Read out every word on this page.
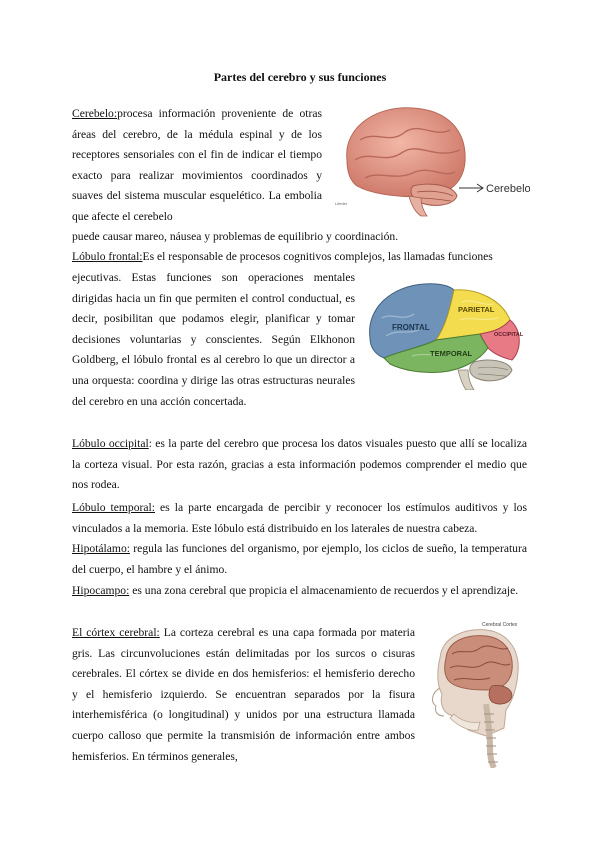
Partes del cerebro y sus funciones
Cerebelo:procesa información proveniente de otras áreas del cerebro, de la médula espinal y de los receptores sensoriales con el fin de indicar el tiempo exacto para realizar movimientos coordinados y suaves del sistema muscular esquelético. La embolia que afecte el cerebelo
puede causar mareo, náusea y problemas de equilibrio y coordinación.
Cerebelo
Lifeder
Lóbulo frontal:Es el responsable de procesos cognitivos complejos, las llamadas funciones
ejecutivas. Estas funciones son operaciones mentales dirigidas hacia un fin que permiten el control conductual, es decir, posibilitan que podamos elegir, planificar y tomar decisiones voluntarias y conscientes. Según Elkhonon Goldberg, el lóbulo frontal es al cerebro lo que un director a una orquesta: coordina y dirige las otras estructuras neurales del cerebro en una acción concertada.
FRONTAL
PARIETAL
TEMPORAL
OCCIPITAL
Lóbulo occipital: es la parte del cerebro que procesa los datos visuales puesto que allí se localiza la corteza visual. Por esta razón, gracias a esta información podemos comprender el medio que nos rodea.
Lóbulo temporal: es la parte encargada de percibir y reconocer los estímulos auditivos y los vinculados a la memoria. Este lóbulo está distribuido en los laterales de nuestra cabeza.
Hipotálamo: regula las funciones del organismo, por ejemplo, los ciclos de sueño, la temperatura del cuerpo, el hambre y el ánimo.
Hipocampo: es una zona cerebral que propicia el almacenamiento de recuerdos y el aprendizaje.
El córtex cerebral: La corteza cerebral es una capa formada por materia gris. Las circunvoluciones están delimitadas por los surcos o cisuras cerebrales. El córtex se divide en dos hemisferios: el hemisferio derecho y el hemisferio izquierdo. Se encuentran separados por la fisura interhemisférica (o longitudinal) y unidos por una estructura llamada cuerpo calloso que permite la transmisión de información entre ambos hemisferios. En términos generales,
Cerebral Cortex
